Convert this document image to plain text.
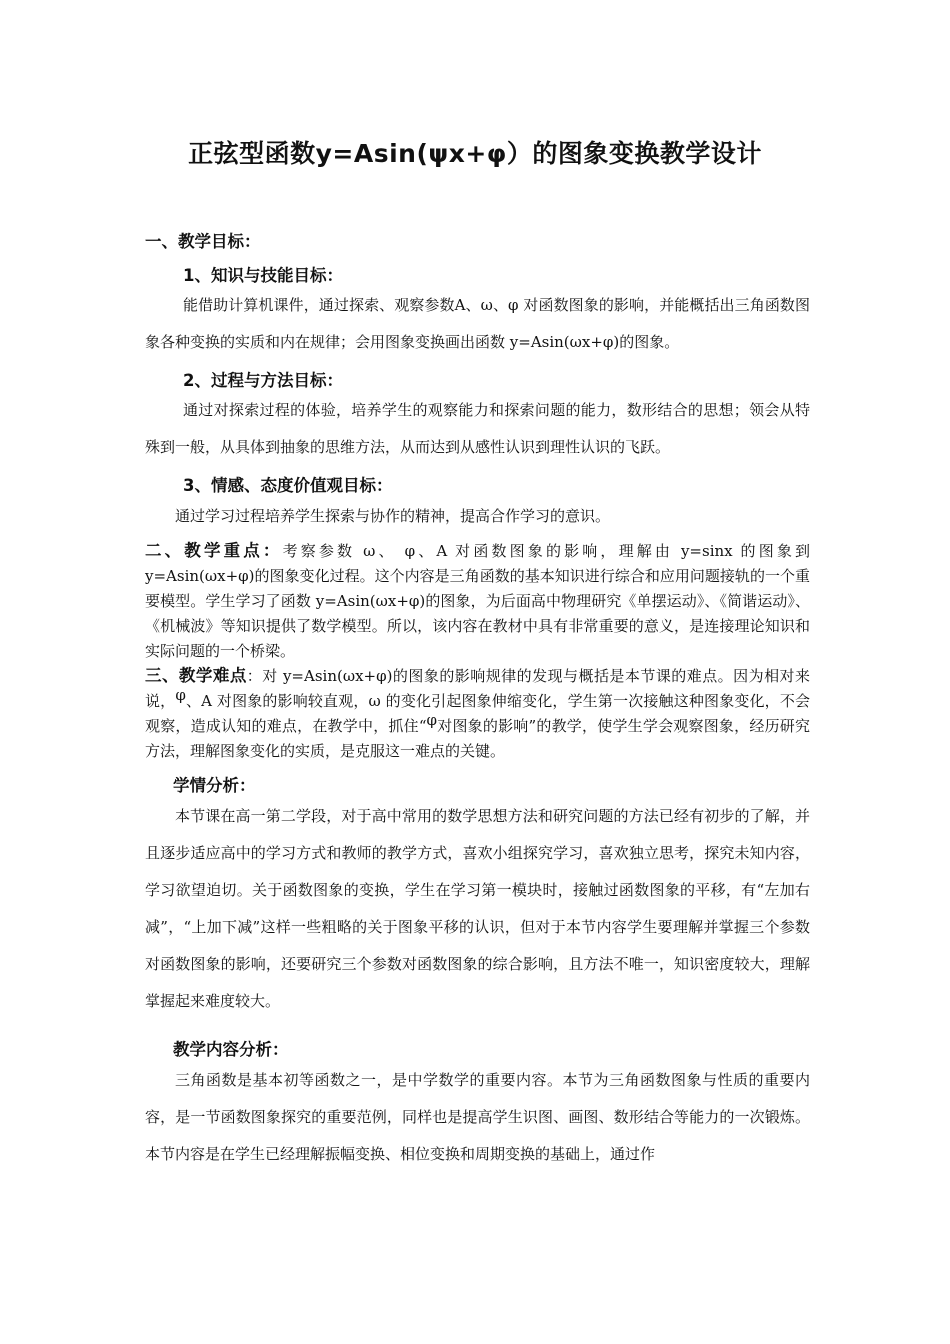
正弦型函数y=Asin(ψx+φ）的图象变换教学设计
一、教学目标：
1、知识与技能目标：

能借助计算机课件，通过探索、观察参数A、ω、φ 对函数图象的影响，并能概括出三角函数图象各种变换的实质和内在规律；会用图象变换画出函数 y=Asin(ωx+φ)的图象。

2、过程与方法目标：

通过对探索过程的体验，培养学生的观察能力和探索问题的能力，数形结合的思想；领会从特殊到一般，从具体到抽象的思维方法，从而达到从感性认识到理性认识的飞跃。

3、情感、态度价值观目标：

通过学习过程培养学生探索与协作的精神，提高合作学习的意识。

二、教学重点：考察参数 ω、 φ、A 对函数图象的影响，理解由 y=sinx 的图象到 y=Asin(ωx+φ)的图象变化过程。这个内容是三角函数的基本知识进行综合和应用问题接轨的一个重要模型。学生学习了函数 y=Asin(ωx+φ)的图象，为后面高中物理研究《单摆运动》、《简谐运动》、《机械波》等知识提供了数学模型。所以，该内容在教材中具有非常重要的意义，是连接理论知识和实际问题的一个桥梁。

三、教学难点：对 y=Asin(ωx+φ)的图象的影响规律的发现与概括是本节课的难点。因为相对来说，φ、A 对图象的影响较直观，ω 的变化引起图象伸缩变化，学生第一次接触这种图象变化，不会观察，造成认知的难点，在教学中，抓住“φ对图象的影响”的教学，使学生学会观察图象，经历研究方法，理解图象变化的实质，是克服这一难点的关键。

学情分析：

本节课在高一第二学段，对于高中常用的数学思想方法和研究问题的方法已经有初步的了解，并且逐步适应高中的学习方式和教师的教学方式，喜欢小组探究学习，喜欢独立思考，探究未知内容，学习欲望迫切。关于函数图象的变换，学生在学习第一模块时，接触过函数图象的平移，有“左加右减”，“上加下减”这样一些粗略的关于图象平移的认识，但对于本节内容学生要理解并掌握三个参数对函数图象的影响，还要研究三个参数对函数图象的综合影响，且方法不唯一，知识密度较大，理解掌握起来难度较大。

教学内容分析：

三角函数是基本初等函数之一，是中学数学的重要内容。本节为三角函数图象与性质的重要内容，是一节函数图象探究的重要范例，同样也是提高学生识图、画图、数形结合等能力的一次锻炼。本节内容是在学生已经理解振幅变换、相位变换和周期变换的基础上，通过作
